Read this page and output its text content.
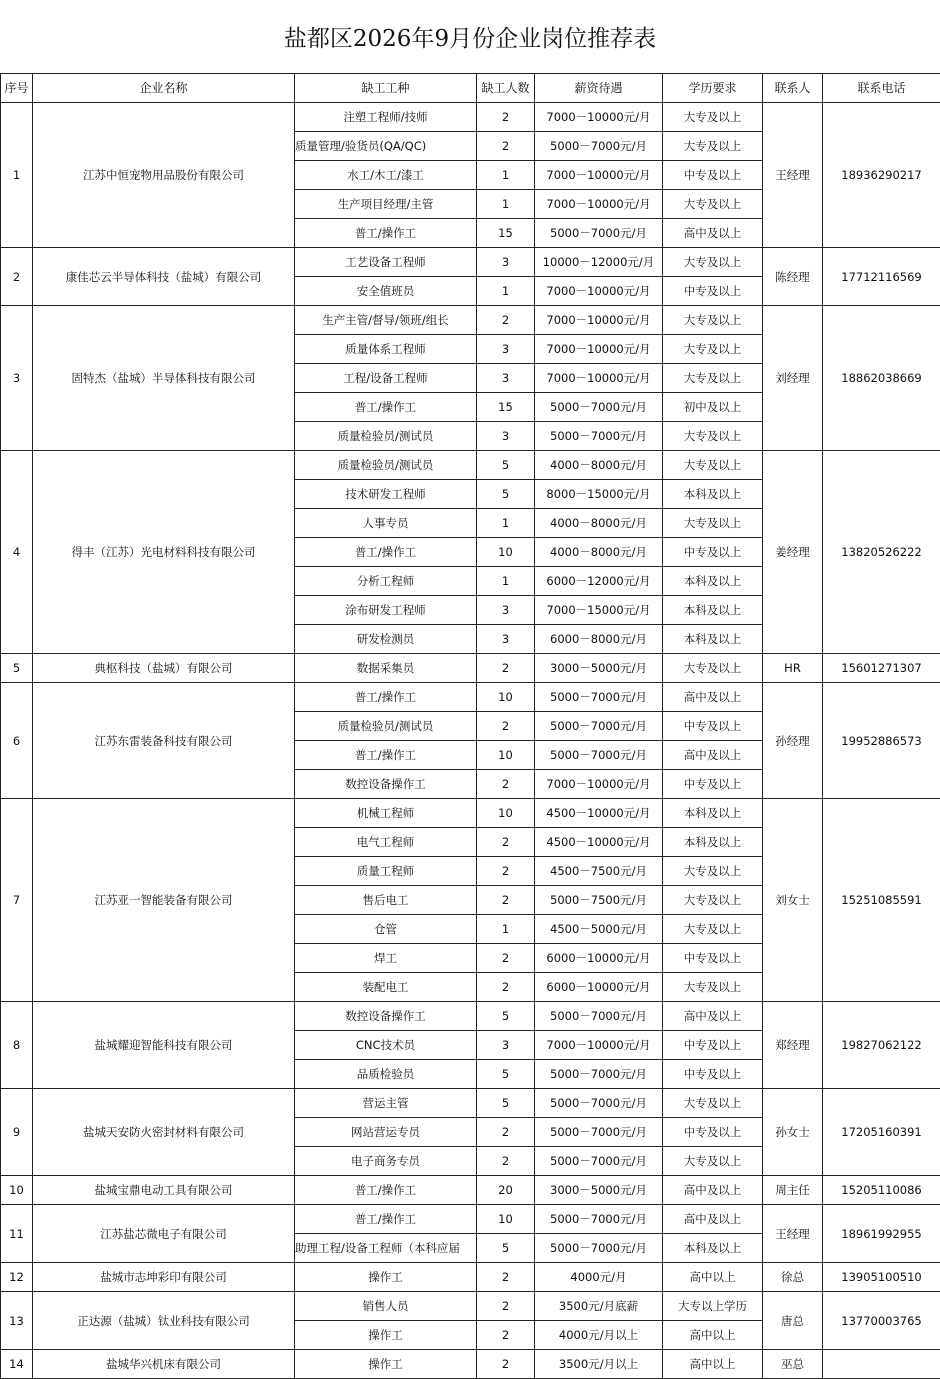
盐都区2026年9月份企业岗位推荐表
序号	企业名称	缺工工种	缺工人数	薪资待遇	学历要求	联系人	联系电话
1	江苏中恒宠物用品股份有限公司	注塑工程师/技师	2	7000－10000元/月	大专及以上	王经理	18936290217
		质量管理/验货员(QA/QC)	2	5000－7000元/月	大专及以上		
		水工/木工/漆工	1	7000－10000元/月	中专及以上		
		生产项目经理/主管	1	7000－10000元/月	大专及以上		
		普工/操作工	15	5000－7000元/月	高中及以上		
2	康佳芯云半导体科技（盐城）有限公司	工艺设备工程师	3	10000－12000元/月	大专及以上	陈经理	17712116569
		安全值班员	1	7000－10000元/月	中专及以上		
3	固特杰（盐城）半导体科技有限公司	生产主管/督导/领班/组长	2	7000－10000元/月	大专及以上	刘经理	18862038669
		质量体系工程师	3	7000－10000元/月	大专及以上		
		工程/设备工程师	3	7000－10000元/月	大专及以上		
		普工/操作工	15	5000－7000元/月	初中及以上		
		质量检验员/测试员	3	5000－7000元/月	大专及以上		
4	得丰（江苏）光电材料科技有限公司	质量检验员/测试员	5	4000－8000元/月	大专及以上	姜经理	13820526222
		技术研发工程师	5	8000－15000元/月	本科及以上		
		人事专员	1	4000－8000元/月	大专及以上		
		普工/操作工	10	4000－8000元/月	中专及以上		
		分析工程师	1	6000－12000元/月	本科及以上		
		涂布研发工程师	3	7000－15000元/月	本科及以上		
		研发检测员	3	6000－8000元/月	本科及以上		
5	典枢科技（盐城）有限公司	数据采集员	2	3000－5000元/月	大专及以上	HR	15601271307
6	江苏东雷装备科技有限公司	普工/操作工	10	5000－7000元/月	高中及以上	孙经理	19952886573
		质量检验员/测试员	2	5000－7000元/月	中专及以上		
		普工/操作工	10	5000－7000元/月	高中及以上		
		数控设备操作工	2	7000－10000元/月	中专及以上		
7	江苏亚一智能装备有限公司	机械工程师	10	4500－10000元/月	本科及以上	刘女士	15251085591
		电气工程师	2	4500－10000元/月	本科及以上		
		质量工程师	2	4500－7500元/月	大专及以上		
		售后电工	2	5000－7500元/月	大专及以上		
		仓管	1	4500－5000元/月	大专及以上		
		焊工	2	6000－10000元/月	中专及以上		
		装配电工	2	6000－10000元/月	大专及以上		
8	盐城耀迎智能科技有限公司	数控设备操作工	5	5000－7000元/月	高中及以上	郑经理	19827062122
		CNC技术员	3	7000－10000元/月	中专及以上		
		品质检验员	5	5000－7000元/月	中专及以上		
9	盐城天安防火密封材料有限公司	营运主管	5	5000－7000元/月	大专及以上	孙女士	17205160391
		网站营运专员	2	5000－7000元/月	中专及以上		
		电子商务专员	2	5000－7000元/月	大专及以上		
10	盐城宝鼎电动工具有限公司	普工/操作工	20	3000－5000元/月	高中及以上	周主任	15205110086
11	江苏盐芯微电子有限公司	普工/操作工	10	5000－7000元/月	高中及以上	王经理	18961992955
		助理工程/设备工程师（本科应届	5	5000－7000元/月	本科及以上		
12	盐城市志坤彩印有限公司	操作工	2	4000元/月	高中以上	徐总	13905100510
13	正达源（盐城）钛业科技有限公司	销售人员	2	3500元/月底薪	大专以上学历	唐总	13770003765
		操作工	2	4000元/月以上	高中以上		
14	盐城华兴机床有限公司	操作工	2	3500元/月以上	高中以上	巫总	
